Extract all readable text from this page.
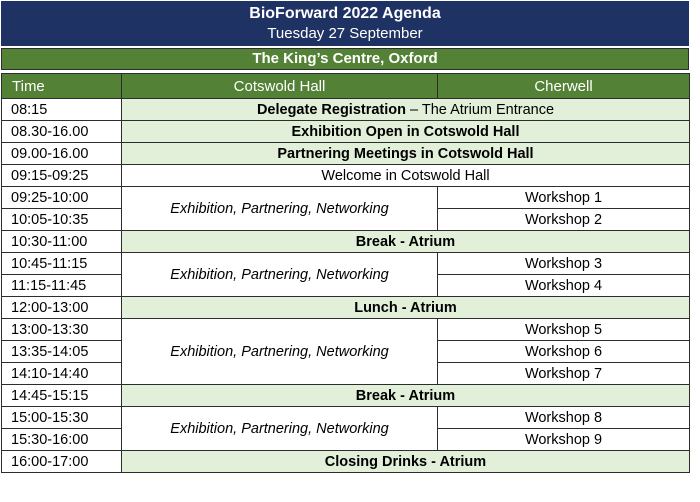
BioForward 2022 Agenda
Tuesday 27 September
The King’s Centre, Oxford
Time	Cotswold Hall	Cherwell
08:15	Delegate Registration – The Atrium Entrance	
08.30-16.00	Exhibition Open in Cotswold Hall	
09.00-16.00	Partnering Meetings in Cotswold Hall	
09:15-09:25	Welcome in Cotswold Hall	
09:25-10:00	Exhibition, Partnering, Networking	Workshop 1
10:05-10:35		Workshop 2
10:30-11:00	Break - Atrium	
10:45-11:15	Exhibition, Partnering, Networking	Workshop 3
11:15-11:45		Workshop 4
12:00-13:00	Lunch - Atrium	
13:00-13:30	Exhibition, Partnering, Networking	Workshop 5
13:35-14:05		Workshop 6
14:10-14:40		Workshop 7
14:45-15:15	Break - Atrium	
15:00-15:30	Exhibition, Partnering, Networking	Workshop 8
15:30-16:00		Workshop 9
16:00-17:00	Closing Drinks - Atrium	
